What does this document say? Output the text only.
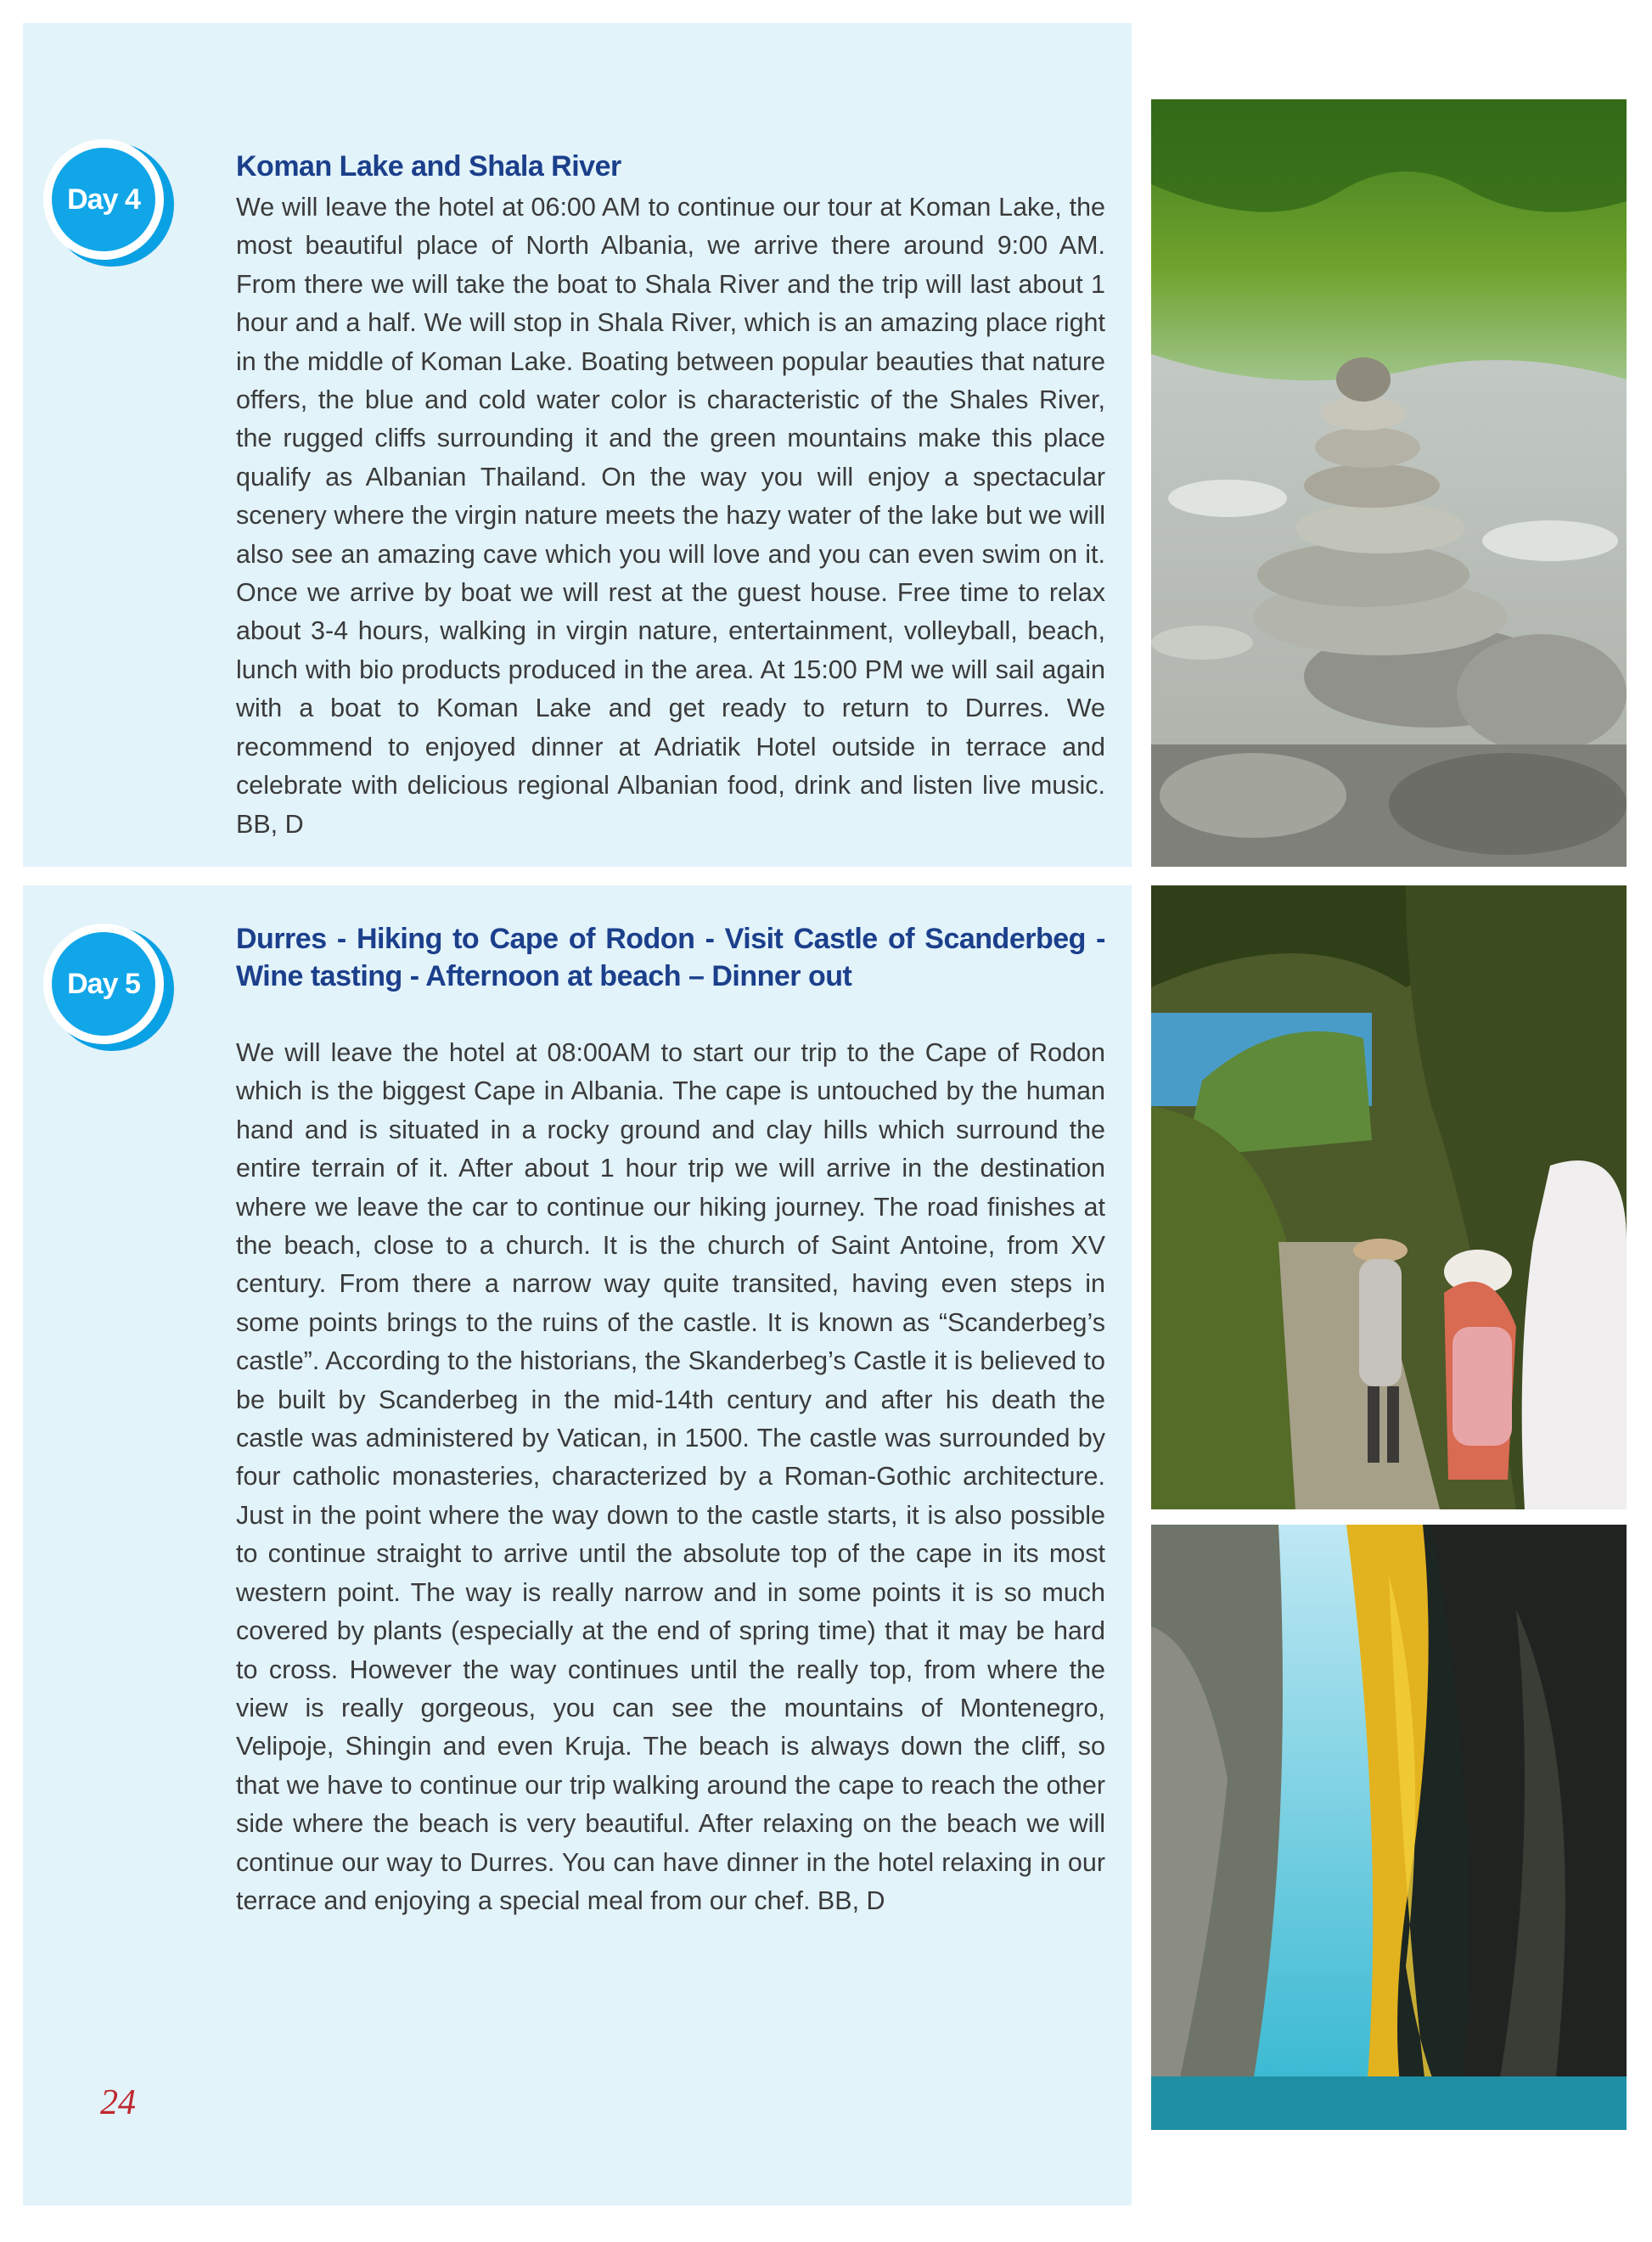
Day 4
Koman Lake and Shala River

We will leave the hotel at 06:00 AM to continue our tour at Koman Lake, the most beautiful place of North Albania, we arrive there around 9:00 AM. From there we will take the boat to Shala River and the trip will last about 1 hour and a half. We will stop in Shala River, which is an amazing place right in the middle of Koman Lake. Boating between popular beauties that nature offers, the blue and cold water color is characteristic of the Shales River, the rugged cliffs surrounding it and the green mountains make this place qualify as Albanian Thailand. On the way you will enjoy a spectacular scenery where the virgin nature meets the hazy water of the lake but we will also see an amazing cave which you will love and you can even swim on it. Once we arrive by boat we will rest at the guest house. Free time to relax about 3-4 hours, walking in virgin nature, entertainment, volleyball, beach, lunch with bio products produced in the area. At 15:00 PM we will sail again with a boat to Koman Lake and get ready to return to Durres. We recommend to enjoyed dinner at Adriatik Hotel outside in terrace and celebrate with delicious regional Albanian food, drink and listen live music. BB, D

Day 5
Durres - Hiking to Cape of Rodon - Visit Castle of Scanderbeg - Wine tasting - Afternoon at beach – Dinner out

We will leave the hotel at 08:00AM to start our trip to the Cape of Rodon which is the biggest Cape in Albania. The cape is untouched by the human hand and is situated in a rocky ground and clay hills which surround the entire terrain of it. After about 1 hour trip we will arrive in the destination where we leave the car to continue our hiking journey. The road finishes at the beach, close to a church. It is the church of Saint Antoine, from XV century. From there a narrow way quite transited, having even steps in some points brings to the ruins of the castle. It is known as “Scanderbeg’s castle”. According to the historians, the Skanderbeg’s Castle it is believed to be built by Scanderbeg in the mid-14th century and after his death the castle was administered by Vatican, in 1500. The castle was surrounded by four catholic monasteries, characterized by a Roman-Gothic architecture. Just in the point where the way down to the castle starts, it is also possible to continue straight to arrive until the absolute top of the cape in its most western point. The way is really narrow and in some points it is so much covered by plants (especially at the end of spring time) that it may be hard to cross. However the way continues until the really top, from where the view is really gorgeous, you can see the mountains of Montenegro, Velipoje, Shingin and even Kruja. The beach is always down the cliff, so that we have to continue our trip walking around the cape to reach the other side where the beach is very beautiful. After relaxing on the beach we will continue our way to Durres. You can have dinner in the hotel relaxing in our terrace and enjoying a special meal from our chef. BB, D

24
